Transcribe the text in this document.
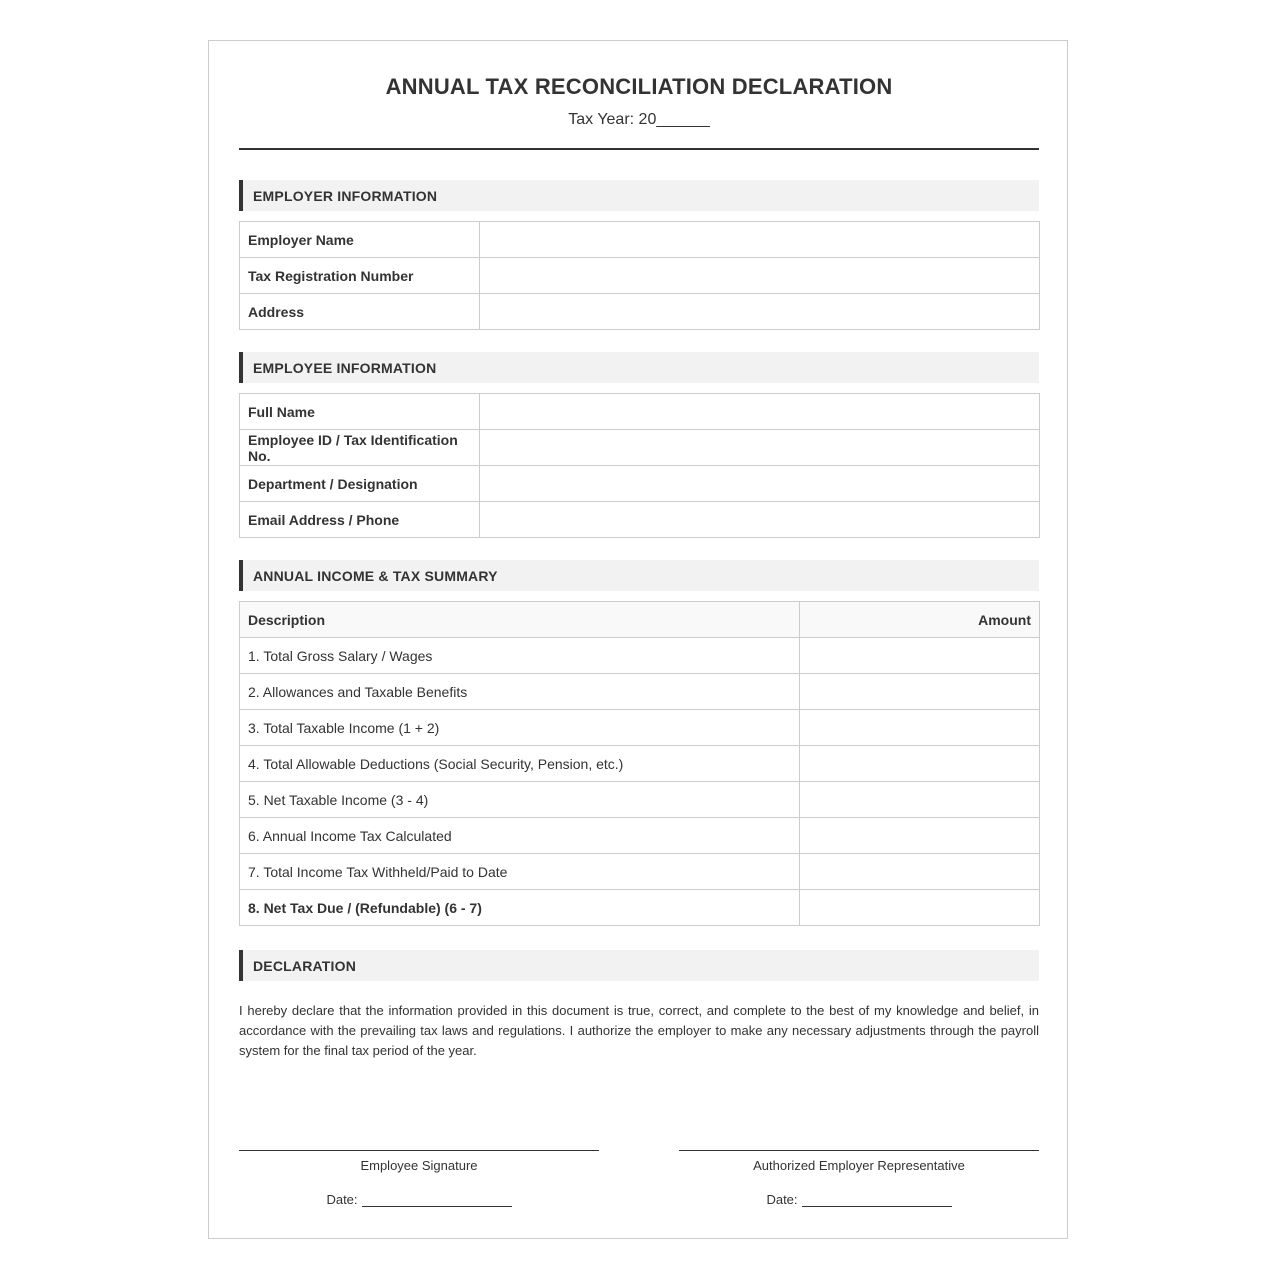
ANNUAL TAX RECONCILIATION DECLARATION
Tax Year: 20______
EMPLOYER INFORMATION
Employer Name	
Tax Registration Number	
Address	
EMPLOYEE INFORMATION
Full Name	
Employee ID / Tax Identification No.	
Department / Designation	
Email Address / Phone	
ANNUAL INCOME & TAX SUMMARY
Description	Amount
1. Total Gross Salary / Wages	
2. Allowances and Taxable Benefits	
3. Total Taxable Income (1 + 2)	
4. Total Allowable Deductions (Social Security, Pension, etc.)	
5. Net Taxable Income (3 - 4)	
6. Annual Income Tax Calculated	
7. Total Income Tax Withheld/Paid to Date	
8. Net Tax Due / (Refundable) (6 - 7)	
DECLARATION

I hereby declare that the information provided in this document is true, correct, and complete to the best of my knowledge and belief, in accordance with the prevailing tax laws and regulations. I authorize the employer to make any necessary adjustments through the payroll system for the final tax period of the year.

Employee Signature
Date:
Authorized Employer Representative
Date:
